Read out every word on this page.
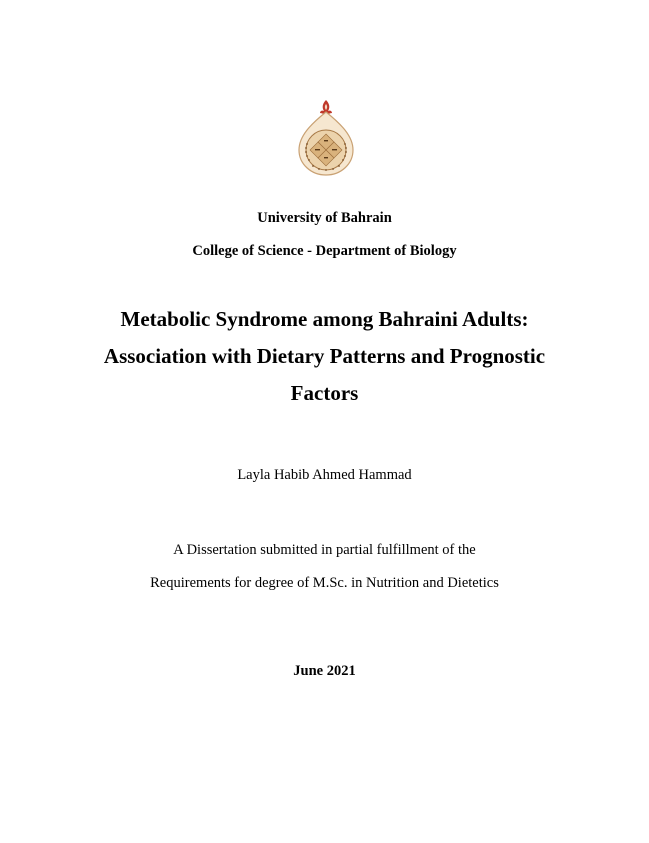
University of Bahrain
College of Science - Department of Biology
Metabolic Syndrome among Bahraini Adults:
Association with Dietary Patterns and Prognostic
Factors
Layla Habib Ahmed Hammad
A Dissertation submitted in partial fulfillment of the
Requirements for degree of M.Sc. in Nutrition and Dietetics
June 2021
